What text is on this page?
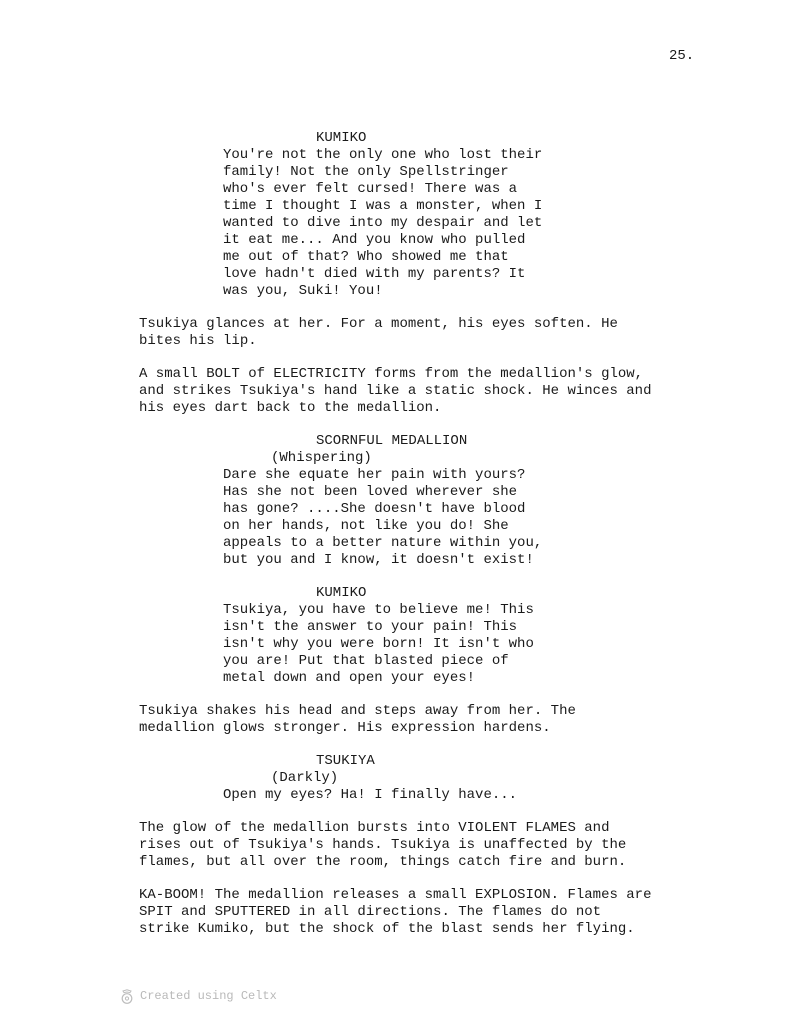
25.
KUMIKO
You're not the only one who lost their
family! Not the only Spellstringer
who's ever felt cursed! There was a
time I thought I was a monster, when I
wanted to dive into my despair and let
it eat me... And you know who pulled
me out of that? Who showed me that
love hadn't died with my parents? It
was you, Suki! You!
Tsukiya glances at her. For a moment, his eyes soften. He
bites his lip.
A small BOLT of ELECTRICITY forms from the medallion's glow,
and strikes Tsukiya's hand like a static shock. He winces and
his eyes dart back to the medallion.
SCORNFUL MEDALLION
(Whispering)
Dare she equate her pain with yours?
Has she not been loved wherever she
has gone? ....She doesn't have blood
on her hands, not like you do! She
appeals to a better nature within you,
but you and I know, it doesn't exist!
KUMIKO
Tsukiya, you have to believe me! This
isn't the answer to your pain! This
isn't why you were born! It isn't who
you are! Put that blasted piece of
metal down and open your eyes!
Tsukiya shakes his head and steps away from her. The
medallion glows stronger. His expression hardens.
TSUKIYA
(Darkly)
Open my eyes? Ha! I finally have...
The glow of the medallion bursts into VIOLENT FLAMES and
rises out of Tsukiya's hands. Tsukiya is unaffected by the
flames, but all over the room, things catch fire and burn.
KA-BOOM! The medallion releases a small EXPLOSION. Flames are
SPIT and SPUTTERED in all directions. The flames do not
strike Kumiko, but the shock of the blast sends her flying.
Created using Celtx
